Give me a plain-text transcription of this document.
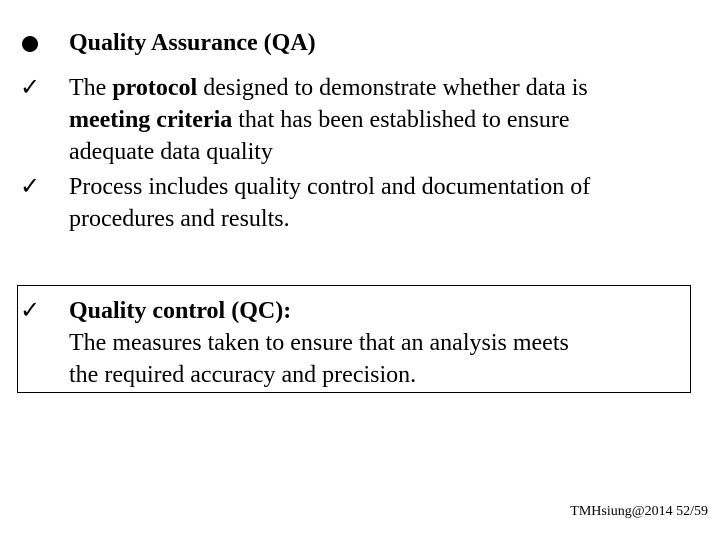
Quality Assurance (QA)
✓	The protocol designed to demonstrate whether data is
meeting criteria that has been established to ensure
adequate data quality
✓	Process includes quality control and documentation of
procedures and results.
✓	Quality control (QC):
The measures taken to ensure that an analysis meets
the required accuracy and precision.
TMHsiung@2014 52/59
